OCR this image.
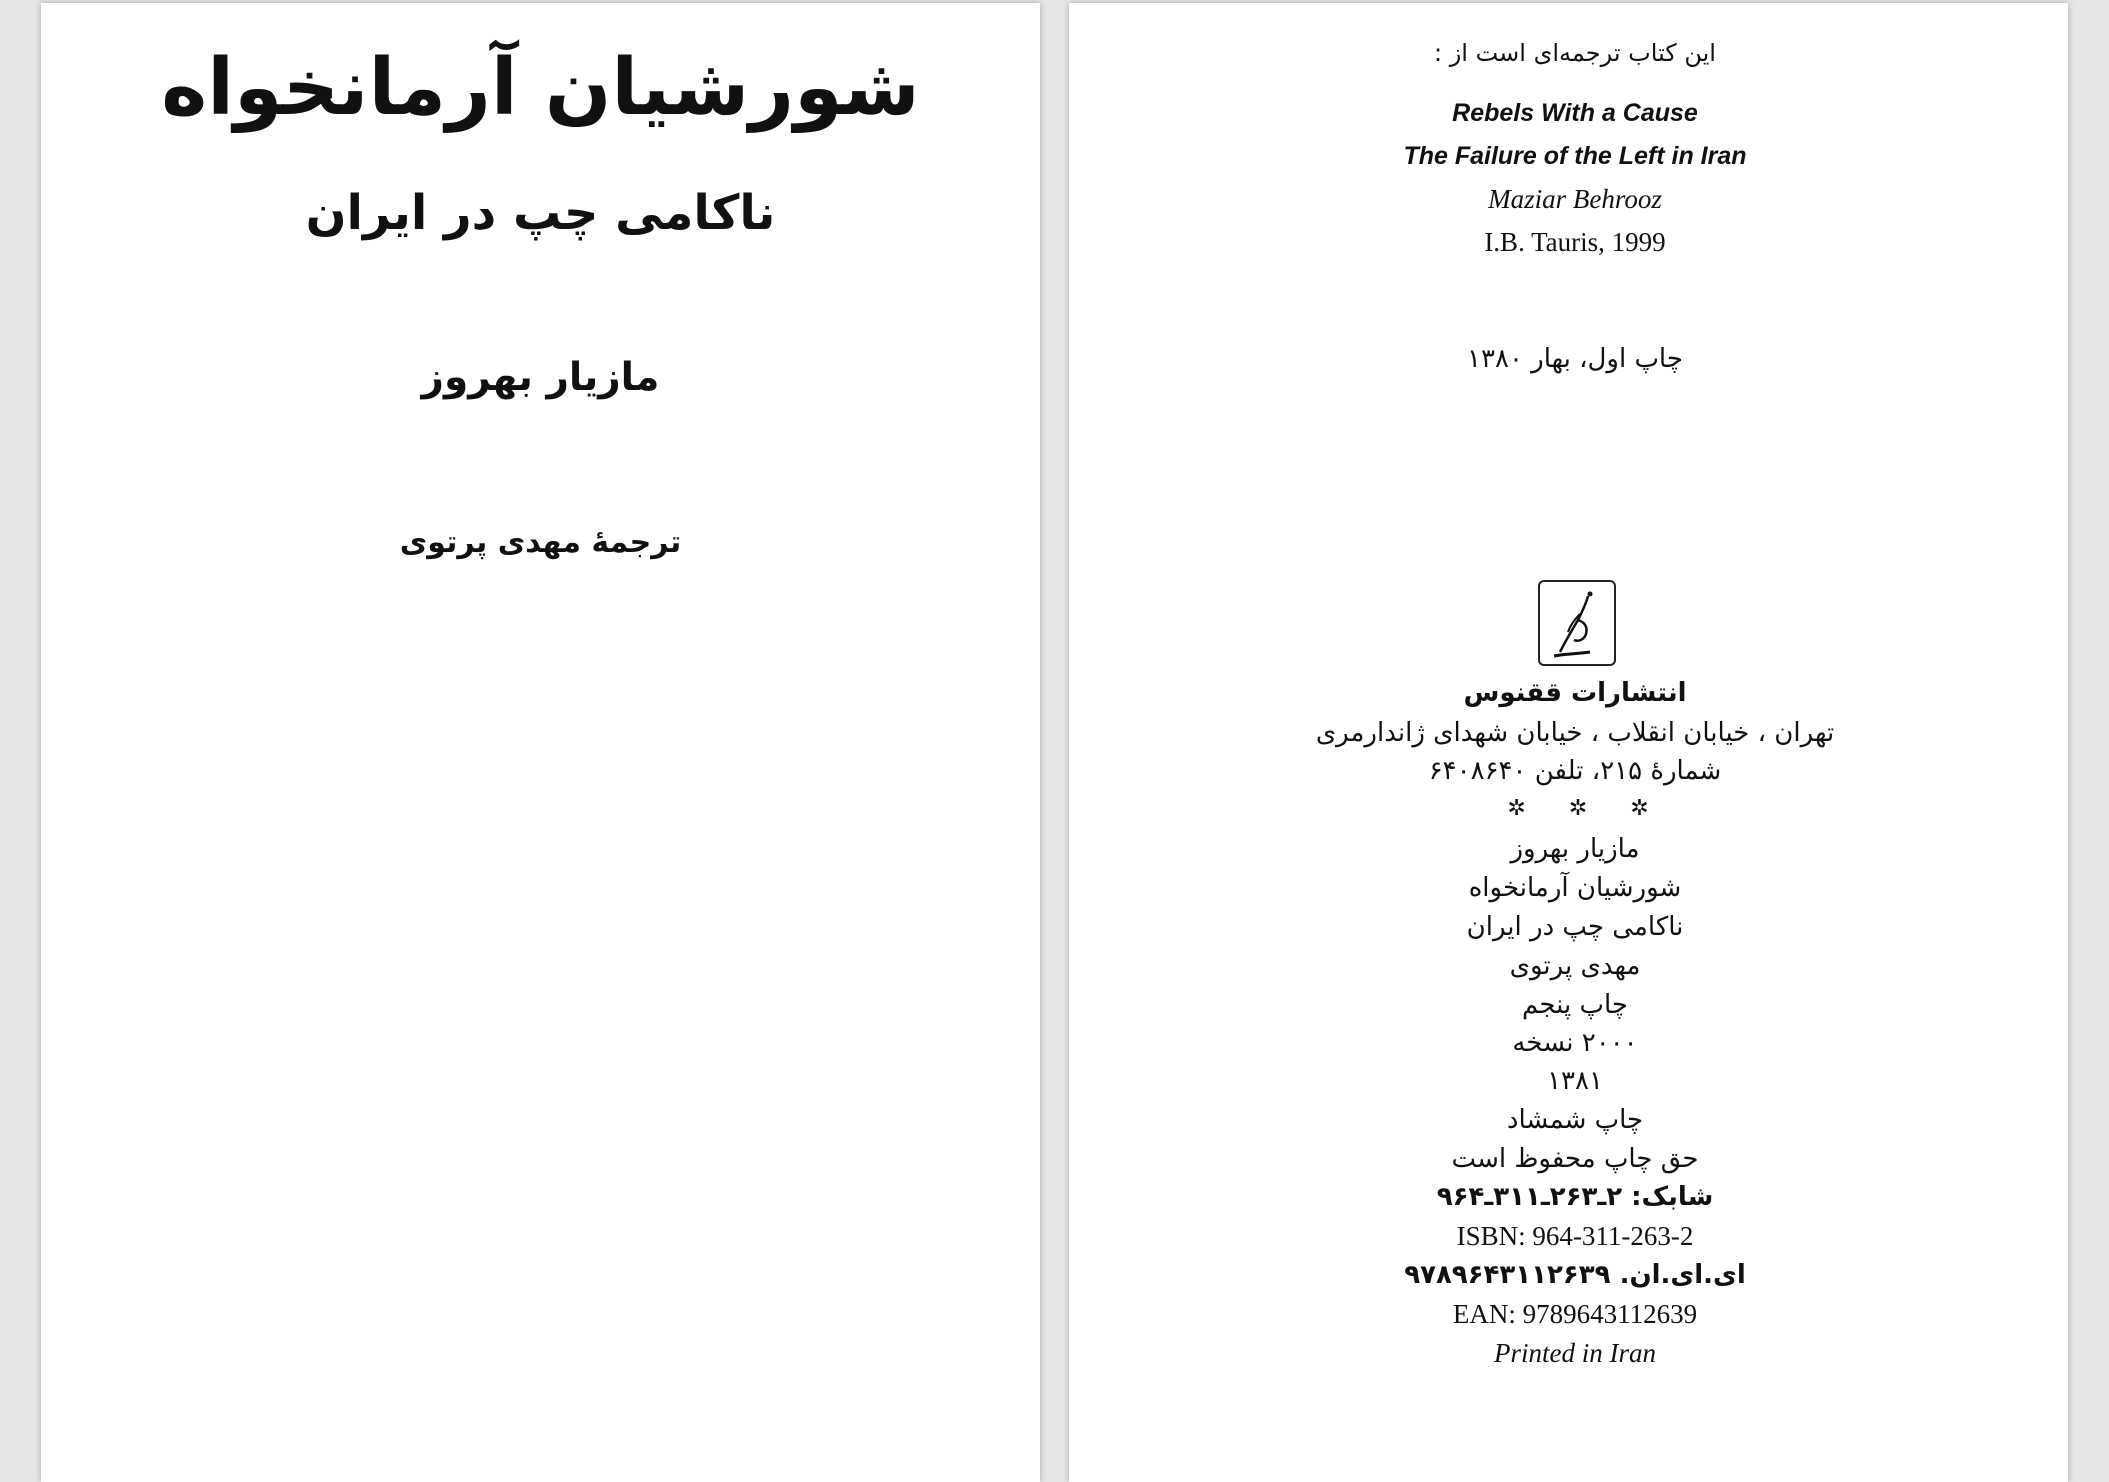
شورشیان آرمانخواه
ناکامی چپ در ایران
مازیار بهروز
ترجمهٔ مهدی پرتوی
این کتاب ترجمه‌ای است از :
Rebels With a Cause
The Failure of the Left in Iran
Maziar Behrooz
I.B. Tauris, 1999
چاپ اول، بهار ۱۳۸۰
انتشارات ققنوس
تهران ، خیابان انقلاب ، خیابان شهدای ژاندارمری
شمارهٔ ۲۱۵، تلفن ۶۴۰۸۶۴۰
✲ ✲ ✲
مازیار بهروز
شورشیان آرمانخواه
ناکامی چپ در ایران
مهدی پرتوی
چاپ پنجم
۲۰۰۰ نسخه
۱۳۸۱
چاپ شمشاد
حق چاپ محفوظ است
شابک: ۲ـ۲۶۳ـ۳۱۱ـ۹۶۴
ISBN: 964-311-263-2
ای.ای.ان. ۹۷۸۹۶۴۳۱۱۲۶۳۹
EAN: 9789643112639
Printed in Iran
